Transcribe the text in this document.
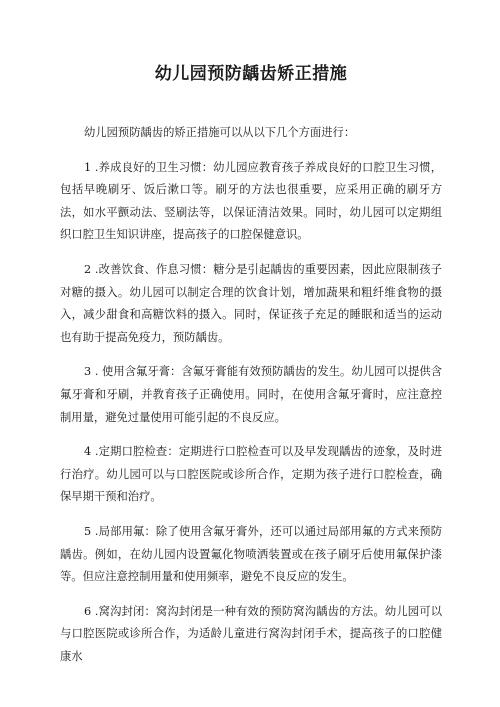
幼儿园预防龋齿矫正措施

幼儿园预防龋齿的矫正措施可以从以下几个方面进行：

1 .养成良好的卫生习惯：幼儿园应教育孩子养成良好的口腔卫生习惯，包括早晚刷牙、饭后漱口等。刷牙的方法也很重要，应采用正确的刷牙方法，如水平颤动法、竖刷法等，以保证清洁效果。同时，幼儿园可以定期组织口腔卫生知识讲座，提高孩子的口腔保健意识。

2 .改善饮食、作息习惯：糖分是引起龋齿的重要因素，因此应限制孩子对糖的摄入。幼儿园可以制定合理的饮食计划，增加蔬果和粗纤维食物的摄入，减少甜食和高糖饮料的摄入。同时，保证孩子充足的睡眠和适当的运动也有助于提高免疫力，预防龋齿。

3 . 使用含氟牙膏：含氟牙膏能有效预防龋齿的发生。幼儿园可以提供含氟牙膏和牙刷，并教育孩子正确使用。同时，在使用含氟牙膏时，应注意控制用量，避免过量使用可能引起的不良反应。

4 .定期口腔检查：定期进行口腔检查可以及早发现龋齿的迹象，及时进行治疗。幼儿园可以与口腔医院或诊所合作，定期为孩子进行口腔检查，确保早期干预和治疗。

5 .局部用氟：除了使用含氟牙膏外，还可以通过局部用氟的方式来预防龋齿。例如，在幼儿园内设置氟化物喷洒装置或在孩子刷牙后使用氟保护漆等。但应注意控制用量和使用频率，避免不良反应的发生。

6 .窝沟封闭：窝沟封闭是一种有效的预防窝沟龋齿的方法。幼儿园可以与口腔医院或诊所合作，为适龄儿童进行窝沟封闭手术，提高孩子的口腔健康水
